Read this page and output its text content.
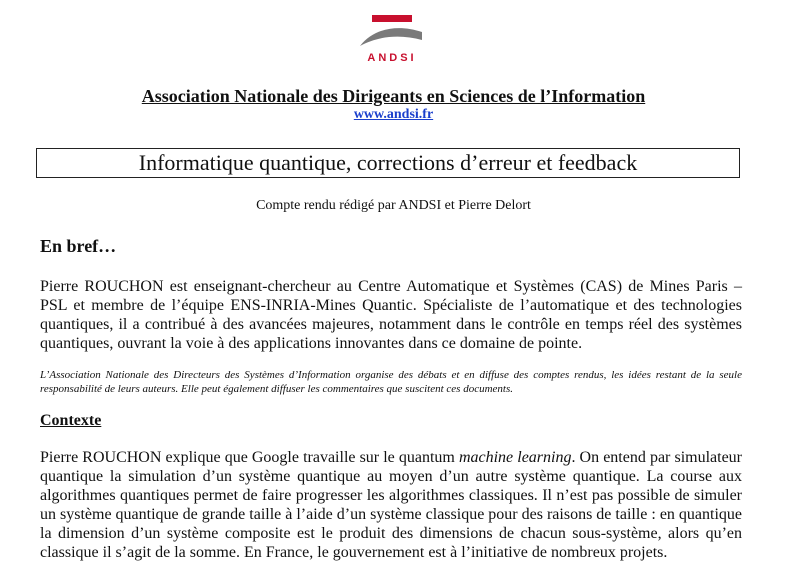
ANDSI
Association Nationale des Dirigeants en Sciences de l’Information
www.andsi.fr
Informatique quantique, corrections d’erreur et feedback
Compte rendu rédigé par ANDSI et Pierre Delort
En bref…
Pierre ROUCHON est enseignant-chercheur au Centre Automatique et Systèmes (CAS) de Mines Paris – PSL et membre de l’équipe ENS-INRIA-Mines Quantic. Spécialiste de l’automatique et des technologies quantiques, il a contribué à des avancées majeures, notamment dans le contrôle en temps réel des systèmes quantiques, ouvrant la voie à des applications innovantes dans ce domaine de pointe.
L’Association Nationale des Directeurs des Systèmes d’Information organise des débats et en diffuse des comptes rendus, les idées restant de la seule responsabilité de leurs auteurs. Elle peut également diffuser les commentaires que suscitent ces documents.
Contexte
Pierre ROUCHON explique que Google travaille sur le quantum machine learning. On entend par simulateur quantique la simulation d’un système quantique au moyen d’un autre système quantique. La course aux algorithmes quantiques permet de faire progresser les algorithmes classiques. Il n’est pas possible de simuler un système quantique de grande taille à l’aide d’un système classique pour des raisons de taille : en quantique la dimension d’un système composite est le produit des dimensions de chacun sous-système, alors qu’en classique il s’agit de la somme. En France, le gouvernement est à l’initiative de nombreux projets.
